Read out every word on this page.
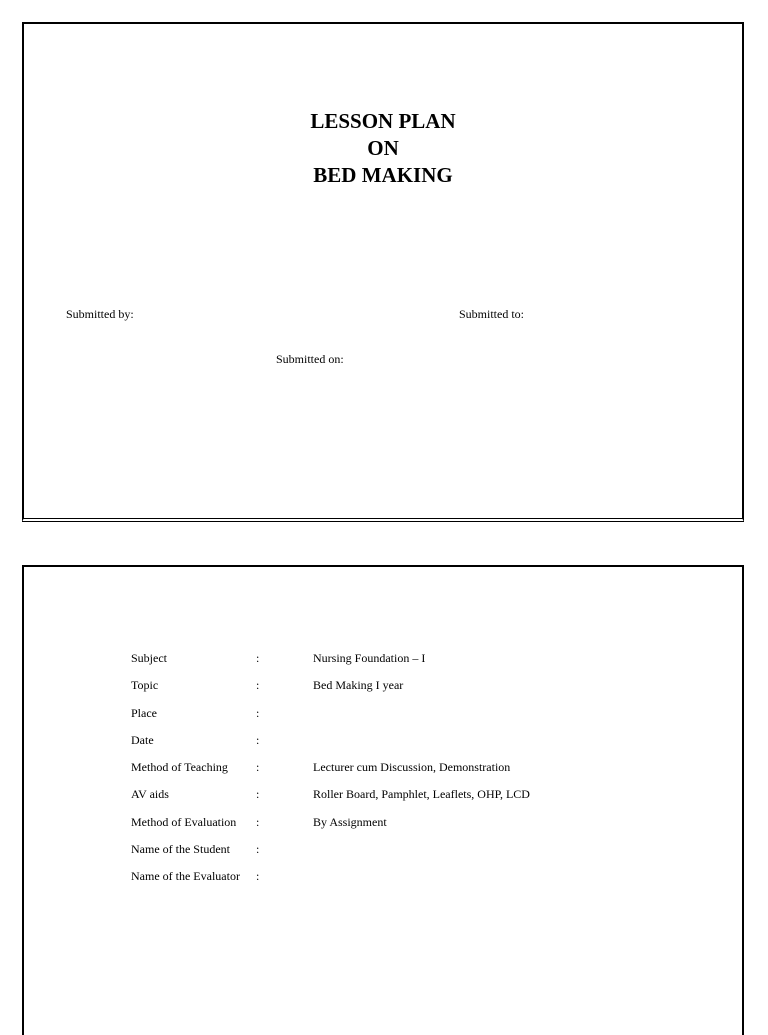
LESSON PLAN
ON
BED MAKING
Submitted by:	Submitted to:
Submitted on:
Subject	:	Nursing Foundation – I
Topic	:	Bed Making I year
Place	:	
Date	:	
Method of Teaching	:	Lecturer cum Discussion, Demonstration
AV aids	:	Roller Board, Pamphlet, Leaflets, OHP, LCD
Method of Evaluation	:	By Assignment
Name of the Student	:	
Name of the Evaluator	:	
